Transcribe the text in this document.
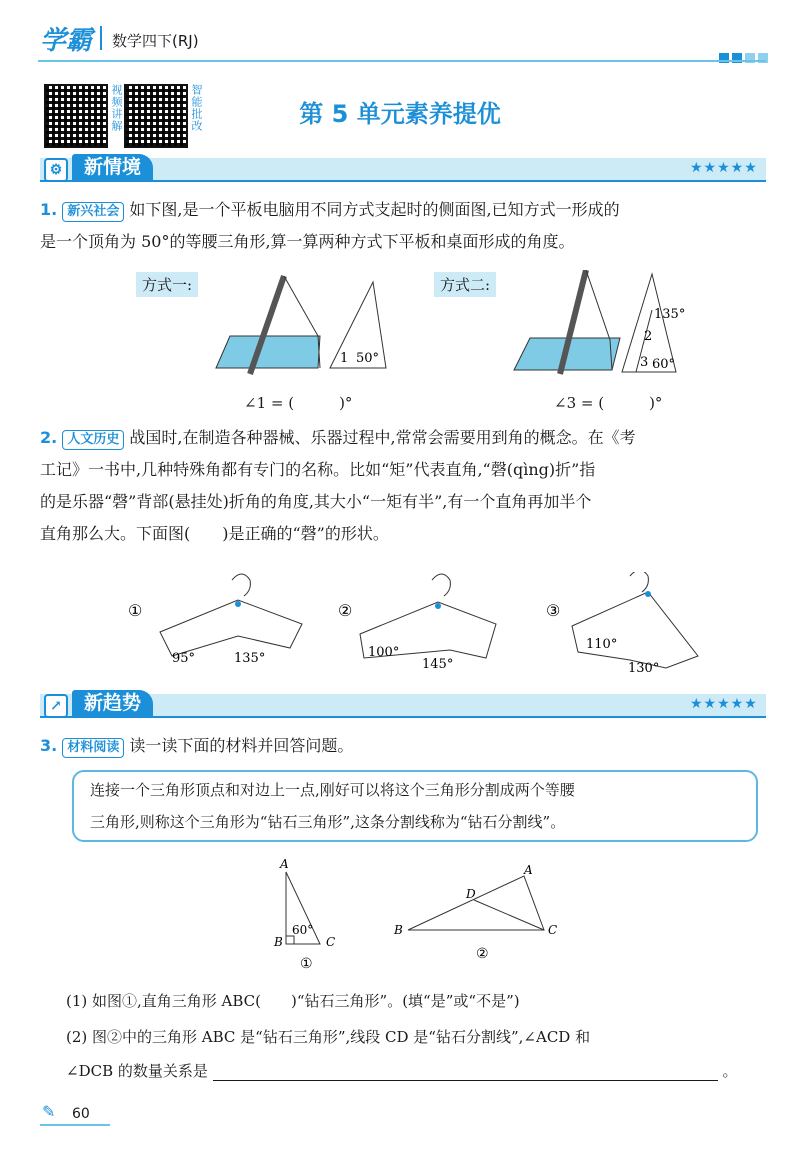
学霸 数学四下(RJ)
视频讲解	智能批改	第 5 单元素养提优
⚙	新情境	★★★★★
1. 新兴社会 如下图,是一个平板电脑用不同方式支起时的侧面图,已知方式一形成的
是一个顶角为 50°的等腰三角形,算一算两种方式下平板和桌面形成的角度。
方式一:	方式二:
1 50°
135°
2
3 60°
∠1 = (　　　)°	∠3 = (　　　)°
2. 人文历史 战国时,在制造各种器械、乐器过程中,常常会需要用到角的概念。在《考
工记》一书中,几种特殊角都有专门的名称。比如“矩”代表直角,“磬(qìng)折”指
的是乐器“磬”背部(悬挂处)折角的角度,其大小“一矩有半”,有一个直角再加半个
直角那么大。下面图(　　)是正确的“磬”的形状。
①
95°	135°
②
100°
145°
③
110°
130°
↗	新趋势	★★★★★
3. 材料阅读 读一读下面的材料并回答问题。
连接一个三角形顶点和对边上一点,刚好可以将这个三角形分割成两个等腰
三角形,则称这个三角形为“钻石三角形”,这条分割线称为“钻石分割线”。
A
B	C
60°
①
A
B	C
D
②
(1) 如图①,直角三角形 ABC(　　)“钻石三角形”。(填“是”或“不是”)
(2) 图②中的三角形 ABC 是“钻石三角形”,线段 CD 是“钻石分割线”,∠ACD 和
∠DCB 的数量关系是	。
✎ 60
